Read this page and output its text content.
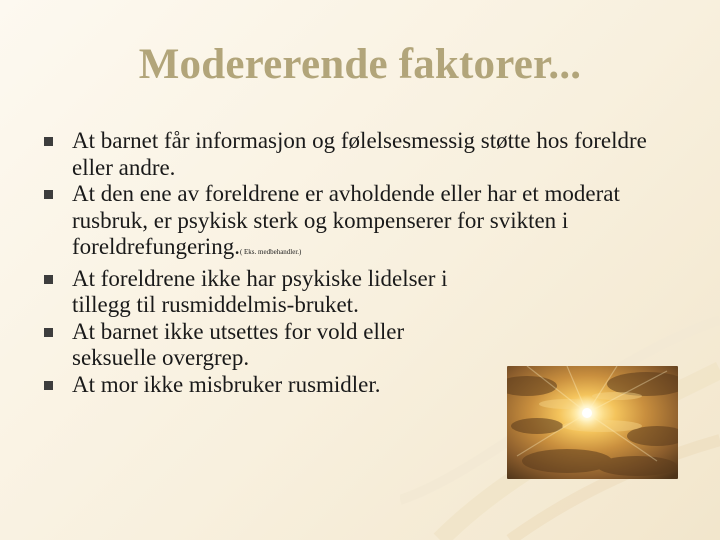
Modererende faktorer...
At barnet får informasjon og følelsesmessig støtte hos foreldre eller andre.
At den ene av foreldrene er avholdende eller har et moderat rusbruk, er psykisk sterk og kompenserer for svikten i foreldrefungering.( Eks. medbehandler.)
At foreldrene ikke har psykiske lidelser i tillegg til rusmiddelmis-bruket.
At barnet ikke utsettes for vold eller seksuelle overgrep.
At mor ikke misbruker rusmidler.
